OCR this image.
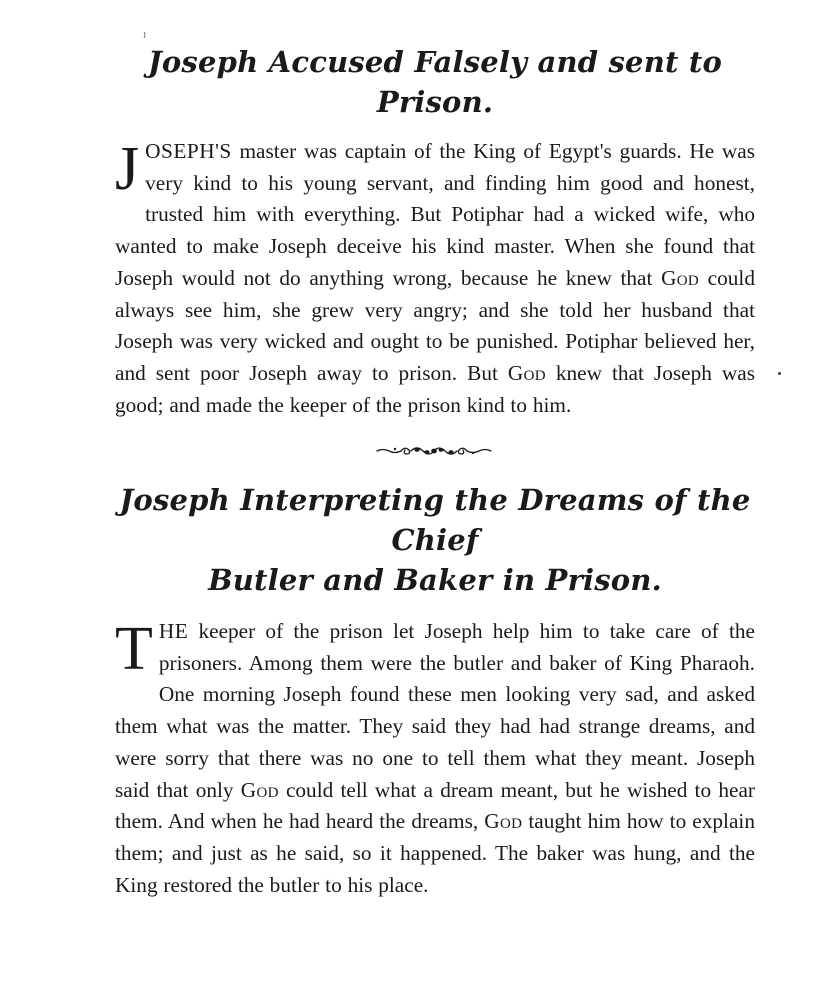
Joseph Accused Falsely and sent to Prison.

JOSEPH'S master was captain of the King of Egypt's guards. He was very kind to his young servant, and finding him good and honest, trusted him with everything. But Potiphar had a wicked wife, who wanted to make Joseph deceive his kind master. When she found that Joseph would not do anything wrong, because he knew that God could always see him, she grew very angry; and she told her husband that Joseph was very wicked and ought to be punished. Potiphar believed her, and sent poor Joseph away to prison. But God knew that Joseph was good; and made the keeper of the prison kind to him.

Joseph Interpreting the Dreams of the Chief
Butler and Baker in Prison.

THE keeper of the prison let Joseph help him to take care of the prisoners. Among them were the butler and baker of King Pharaoh. One morning Joseph found these men looking very sad, and asked them what was the matter. They said they had had strange dreams, and were sorry that there was no one to tell them what they meant. Joseph said that only God could tell what a dream meant, but he wished to hear them. And when he had heard the dreams, God taught him how to explain them; and just as he said, so it happened. The baker was hung, and the King restored the butler to his place.
